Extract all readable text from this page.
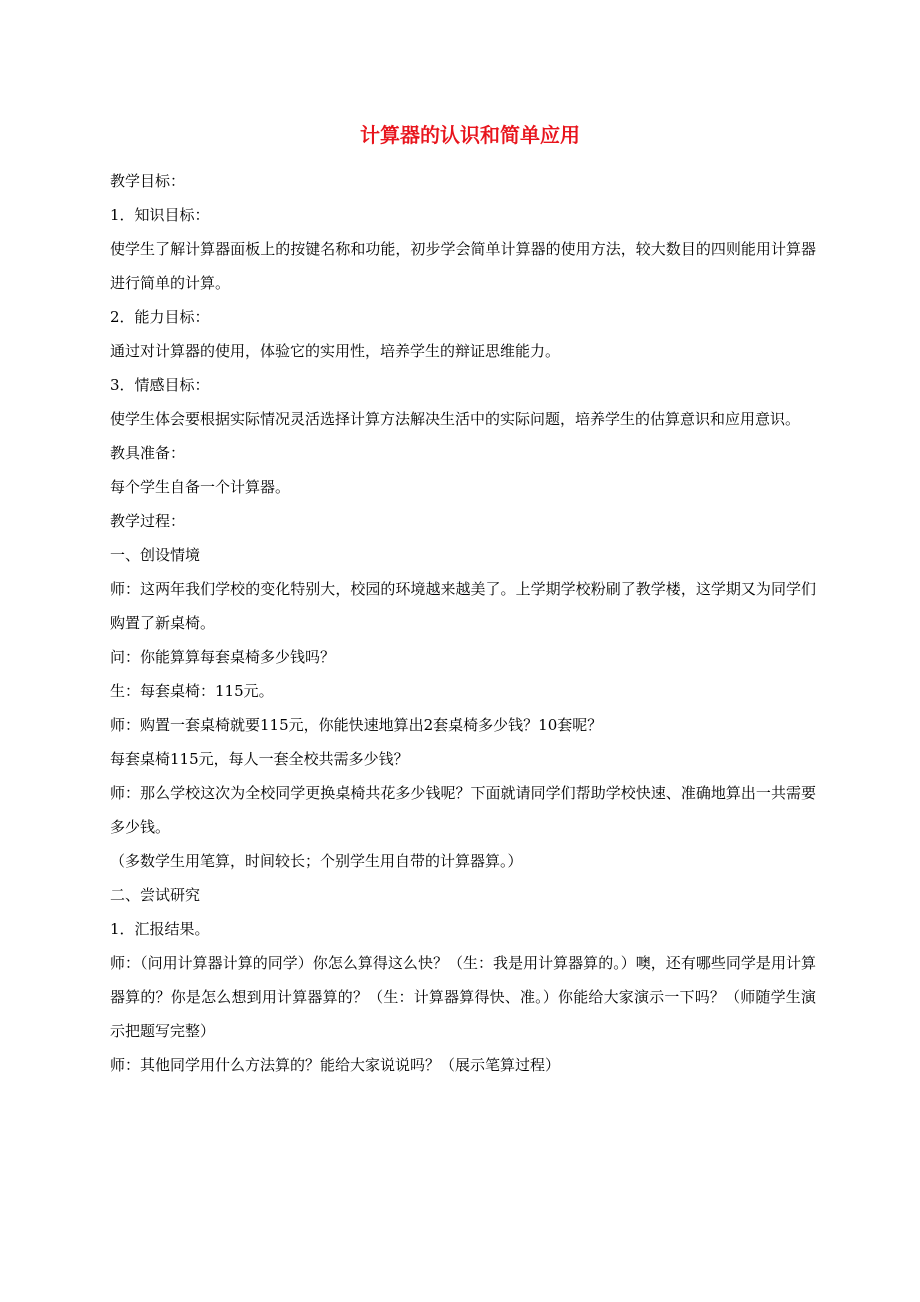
计算器的认识和简单应用

教学目标：

1．知识目标：

使学生了解计算器面板上的按键名称和功能，初步学会简单计算器的使用方法，较大数目的四则能用计算器进行简单的计算。

2．能力目标：

通过对计算器的使用，体验它的实用性，培养学生的辩证思维能力。

3．情感目标：

使学生体会要根据实际情况灵活选择计算方法解决生活中的实际问题，培养学生的估算意识和应用意识。

教具准备：

每个学生自备一个计算器。

教学过程：

一、创设情境

师：这两年我们学校的变化特别大，校园的环境越来越美了。上学期学校粉刷了教学楼，这学期又为同学们购置了新桌椅。

问：你能算算每套桌椅多少钱吗？

生：每套桌椅：115元。

师：购置一套桌椅就要115元，你能快速地算出2套桌椅多少钱？10套呢？

每套桌椅115元，每人一套全校共需多少钱？

师：那么学校这次为全校同学更换桌椅共花多少钱呢？下面就请同学们帮助学校快速、准确地算出一共需要多少钱。

（多数学生用笔算，时间较长；个别学生用自带的计算器算。）

二、尝试研究

1．汇报结果。

师：（问用计算器计算的同学）你怎么算得这么快？（生：我是用计算器算的。）噢，还有哪些同学是用计算器算的？你是怎么想到用计算器算的？（生：计算器算得快、准。）你能给大家演示一下吗？（师随学生演示把题写完整）

师：其他同学用什么方法算的？能给大家说说吗？（展示笔算过程）
